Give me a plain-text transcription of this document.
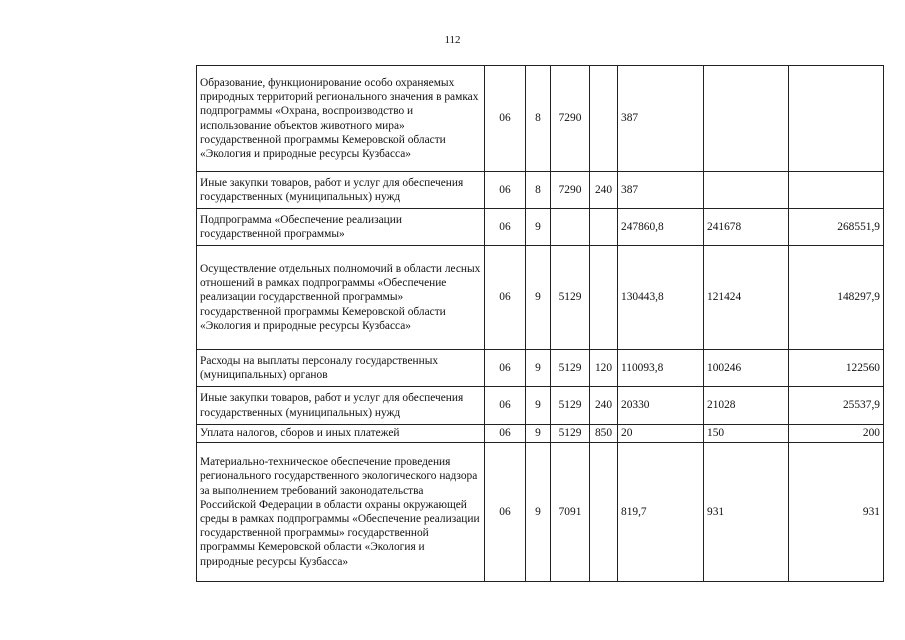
112
Образование, функционирование особо охраняемых природных территорий регионального значения в рамках подпрограммы «Охрана, воспроизводство и использование объектов животного мира» государственной программы Кемеровской области «Экология и природные ресурсы Кузбасса»	06	8	7290		387		
Иные закупки товаров, работ и услуг для обеспечения государственных (муниципальных) нужд	06	8	7290	240	387		
Подпрограмма «Обеспечение реализации государственной программы»	06	9			247860,8	241678	268551,9
Осуществление отдельных полномочий в области лесных отношений в рамках подпрограммы «Обеспечение реализации государственной программы» государственной программы Кемеровской области «Экология и природные ресурсы Кузбасса»	06	9	5129		130443,8	121424	148297,9
Расходы на выплаты персоналу государственных (муниципальных) органов	06	9	5129	120	110093,8	100246	122560
Иные закупки товаров, работ и услуг для обеспечения государственных (муниципальных) нужд	06	9	5129	240	20330	21028	25537,9
Уплата налогов, сборов и иных платежей	06	9	5129	850	20	150	200
Материально-техническое обеспечение проведения регионального государственного экологического надзора за выполнением требований законодательства Российской Федерации в области охраны окружающей среды в рамках подпрограммы «Обеспечение реализации государственной программы» государственной программы Кемеровской области «Экология и природные ресурсы Кузбасса»	06	9	7091		819,7	931	931
